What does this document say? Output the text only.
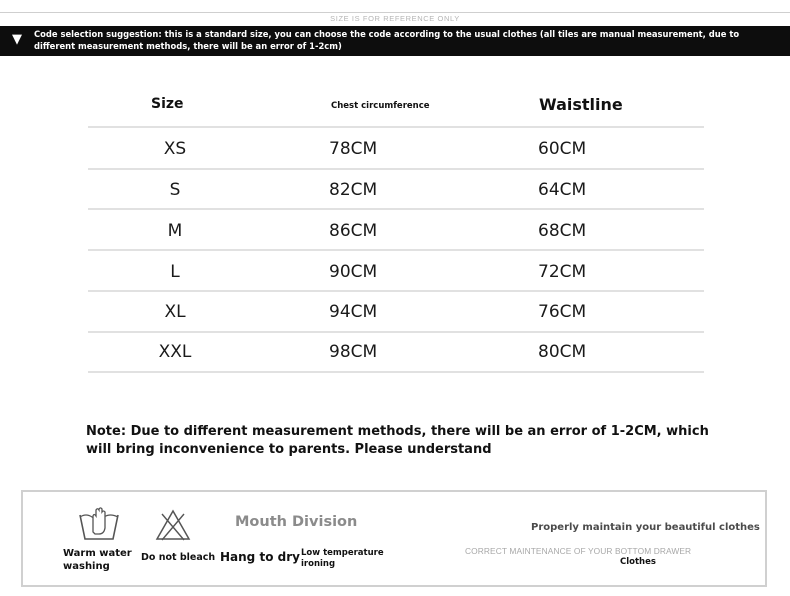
SIZE IS FOR REFERENCE ONLY
▼ Code selection suggestion: this is a standard size, you can choose the code according to the usual clothes (all tiles are manual measurement, due to different measurement methods, there will be an error of 1-2cm)
Size	Chest circumference	Waistline
XS	78CM	60CM
S	82CM	64CM
M	86CM	68CM
L	90CM	72CM
XL	94CM	76CM
XXL	98CM	80CM
Note: Due to different measurement methods, there will be an error of 1-2CM, which will bring inconvenience to parents. Please understand
Warm water washing
Do not bleach Hang to dry
Mouth Division
Low temperature ironing
Properly maintain your beautiful clothes
CORRECT MAINTENANCE OF YOUR BOTTOM DRAWER
Clothes
